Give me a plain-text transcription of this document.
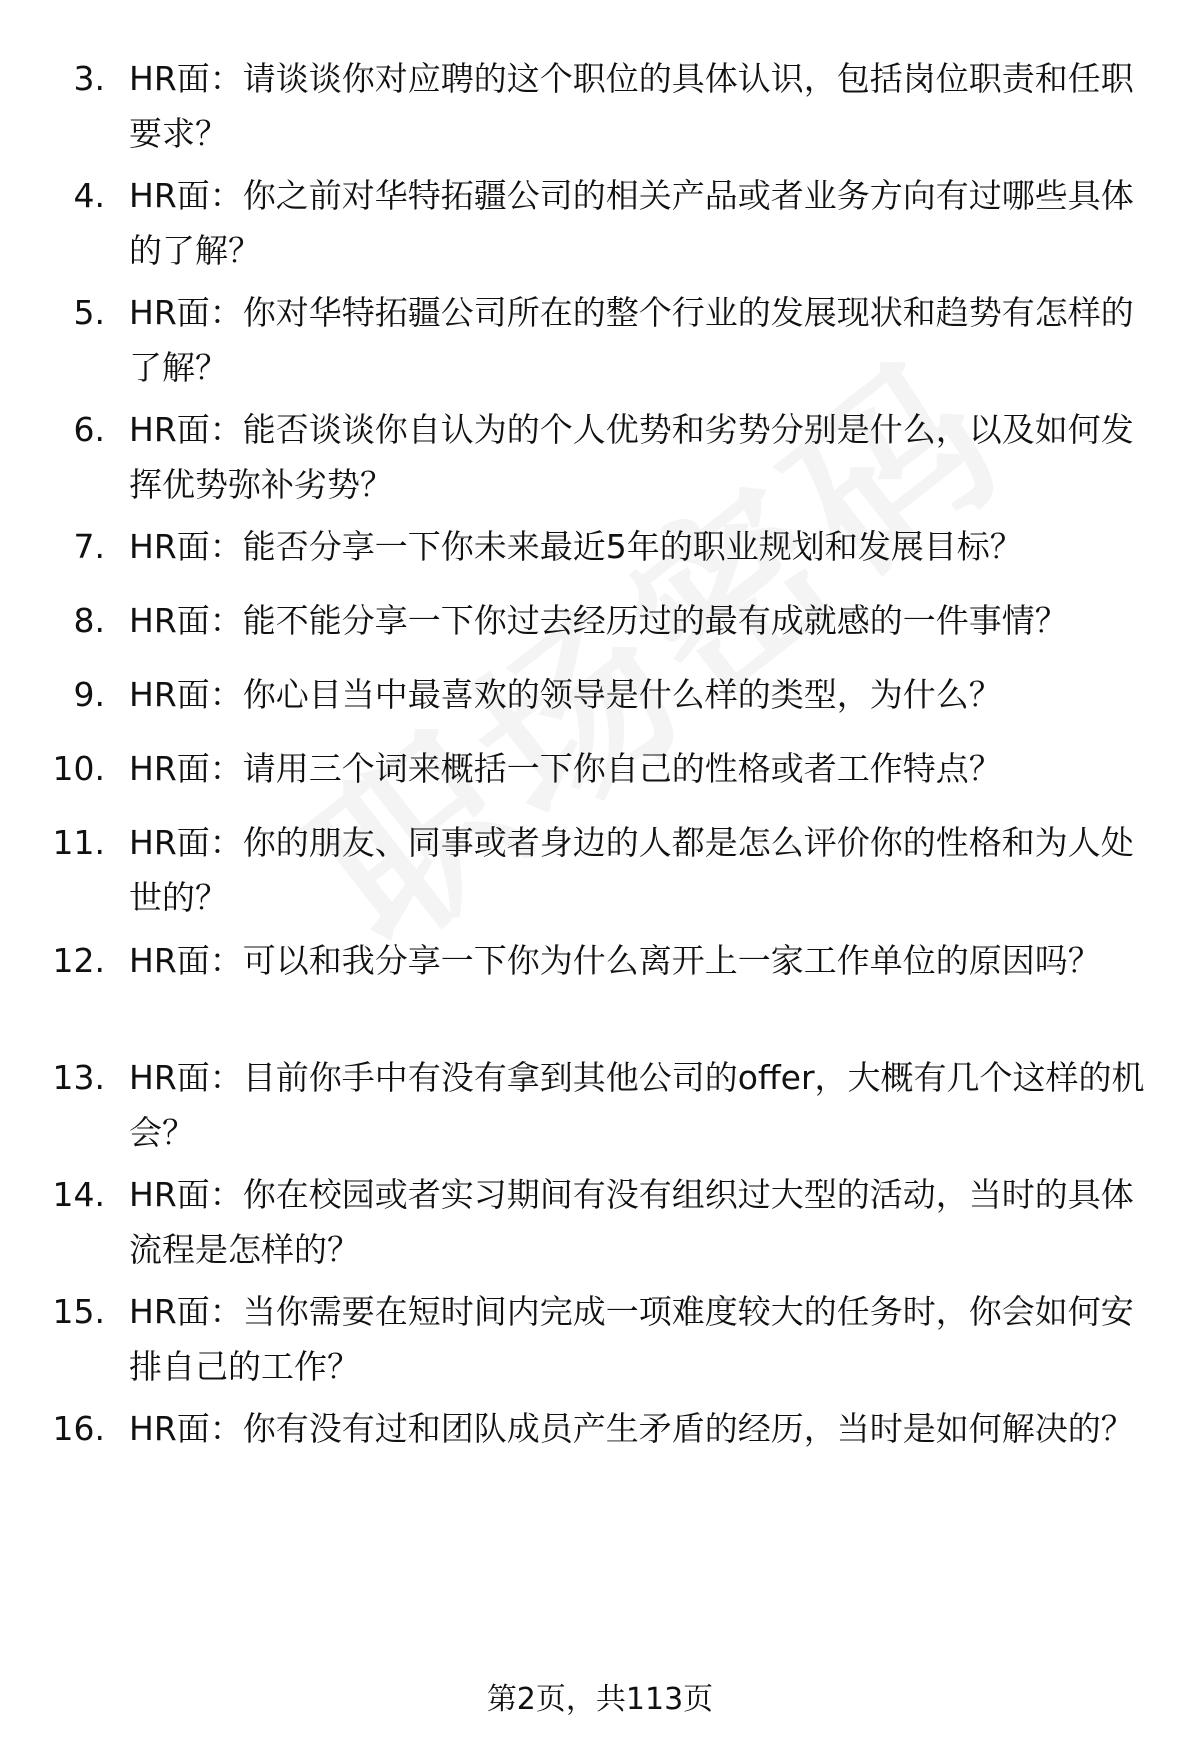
3. HR面：请谈谈你对应聘的这个职位的具体认识，包括岗位职责和任职要求？
4. HR面：你之前对华特拓疆公司的相关产品或者业务方向有过哪些具体的了解？
5. HR面：你对华特拓疆公司所在的整个行业的发展现状和趋势有怎样的了解？
6. HR面：能否谈谈你自认为的个人优势和劣势分别是什么，以及如何发挥优势弥补劣势？
7. HR面：能否分享一下你未来最近5年的职业规划和发展目标？
8. HR面：能不能分享一下你过去经历过的最有成就感的一件事情？
9. HR面：你心目当中最喜欢的领导是什么样的类型，为什么？
10. HR面：请用三个词来概括一下你自己的性格或者工作特点？
11. HR面：你的朋友、同事或者身边的人都是怎么评价你的性格和为人处世的？
12. HR面：可以和我分享一下你为什么离开上一家工作单位的原因吗？
13. HR面：目前你手中有没有拿到其他公司的offer，大概有几个这样的机会？
14. HR面：你在校园或者实习期间有没有组织过大型的活动，当时的具体流程是怎样的？
15. HR面：当你需要在短时间内完成一项难度较大的任务时，你会如何安排自己的工作？
16. HR面：你有没有过和团队成员产生矛盾的经历，当时是如何解决的？
第2页，共113页
